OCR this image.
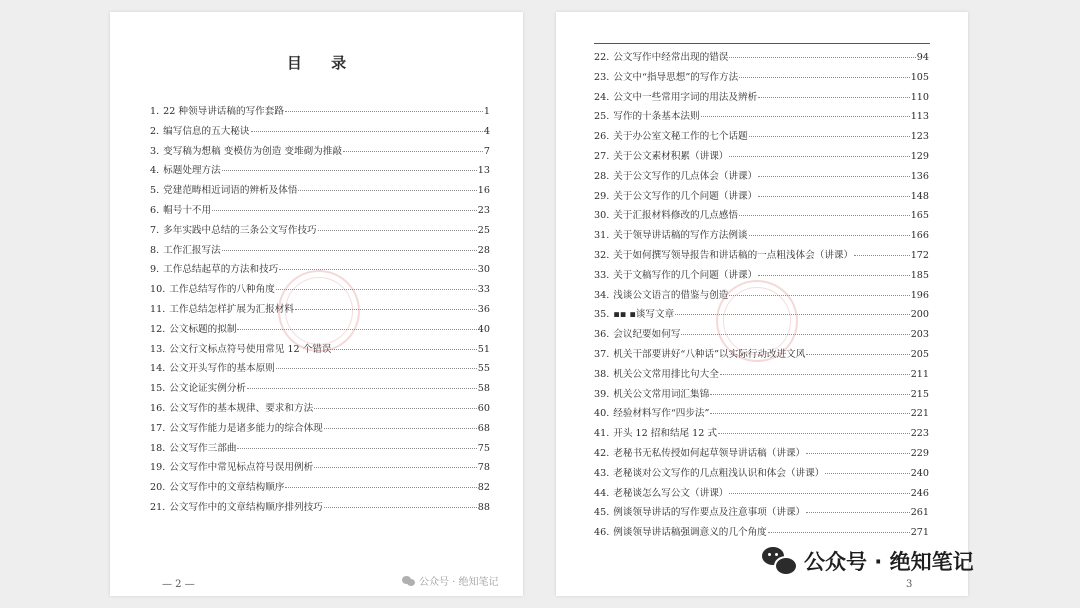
目 录
1. 22 种领导讲话稿的写作套路	1
2. 编写信息的五大秘诀	4
3. 变写稿为想稿 变模仿为创造 变堆砌为推敲	7
4. 标题处理方法	13
5. 党建范畴相近词语的辨析及体悟	16
6. 帽号十不用	23
7. 多年实践中总结的三条公文写作技巧	25
8. 工作汇报写法	28
9. 工作总结起草的方法和技巧	30
10. 工作总结写作的八种角度	33
11. 工作总结怎样扩展为汇报材料	36
12. 公文标题的拟制	40
13. 公文行文标点符号使用常见 12 个错误	51
14. 公文开头写作的基本原则	55
15. 公文论证实例分析	58
16. 公文写作的基本规律、要求和方法	60
17. 公文写作能力是诸多能力的综合体现	68
18. 公文写作三部曲	75
19. 公文写作中常见标点符号误用例析	78
20. 公文写作中的文章结构顺序	82
21. 公文写作中的文章结构顺序排列技巧	88
— 2 —	公众号 · 绝知笔记
22. 公文写作中经常出现的错误	94
23. 公文中“指导思想”的写作方法	105
24. 公文中一些常用字词的用法及辨析	110
25. 写作的十条基本法则	113
26. 关于办公室文秘工作的七个话题	123
27. 关于公文素材积累（讲课）	129
28. 关于公文写作的几点体会（讲课）	136
29. 关于公文写作的几个问题（讲课）	148
30. 关于汇报材料修改的几点感悟	165
31. 关于领导讲话稿的写作方法例谈	166
32. 关于如何撰写领导报告和讲话稿的一点粗浅体会（讲课）	172
33. 关于文稿写作的几个问题（讲课）	185
34. 浅谈公文语言的借鉴与创造	196
35. ▪︎▪︎ ▪︎谈写文章	200
36. 会议纪要如何写	203
37. 机关干部要讲好“八种话”以实际行动改进文风	205
38. 机关公文常用排比句大全	211
39. 机关公文常用词汇集锦	215
40. 经验材料写作“四步法”	221
41. 开头 12 招和结尾 12 式	223
42. 老秘书无私传授如何起草领导讲话稿（讲课）	229
43. 老秘谈对公文写作的几点粗浅认识和体会（讲课）	240
44. 老秘谈怎么写公文（讲课）	246
45. 例谈领导讲话的写作要点及注意事项（讲课）	261
46. 例谈领导讲话稿强调意义的几个角度	271
3
公众号 · 绝知笔记
